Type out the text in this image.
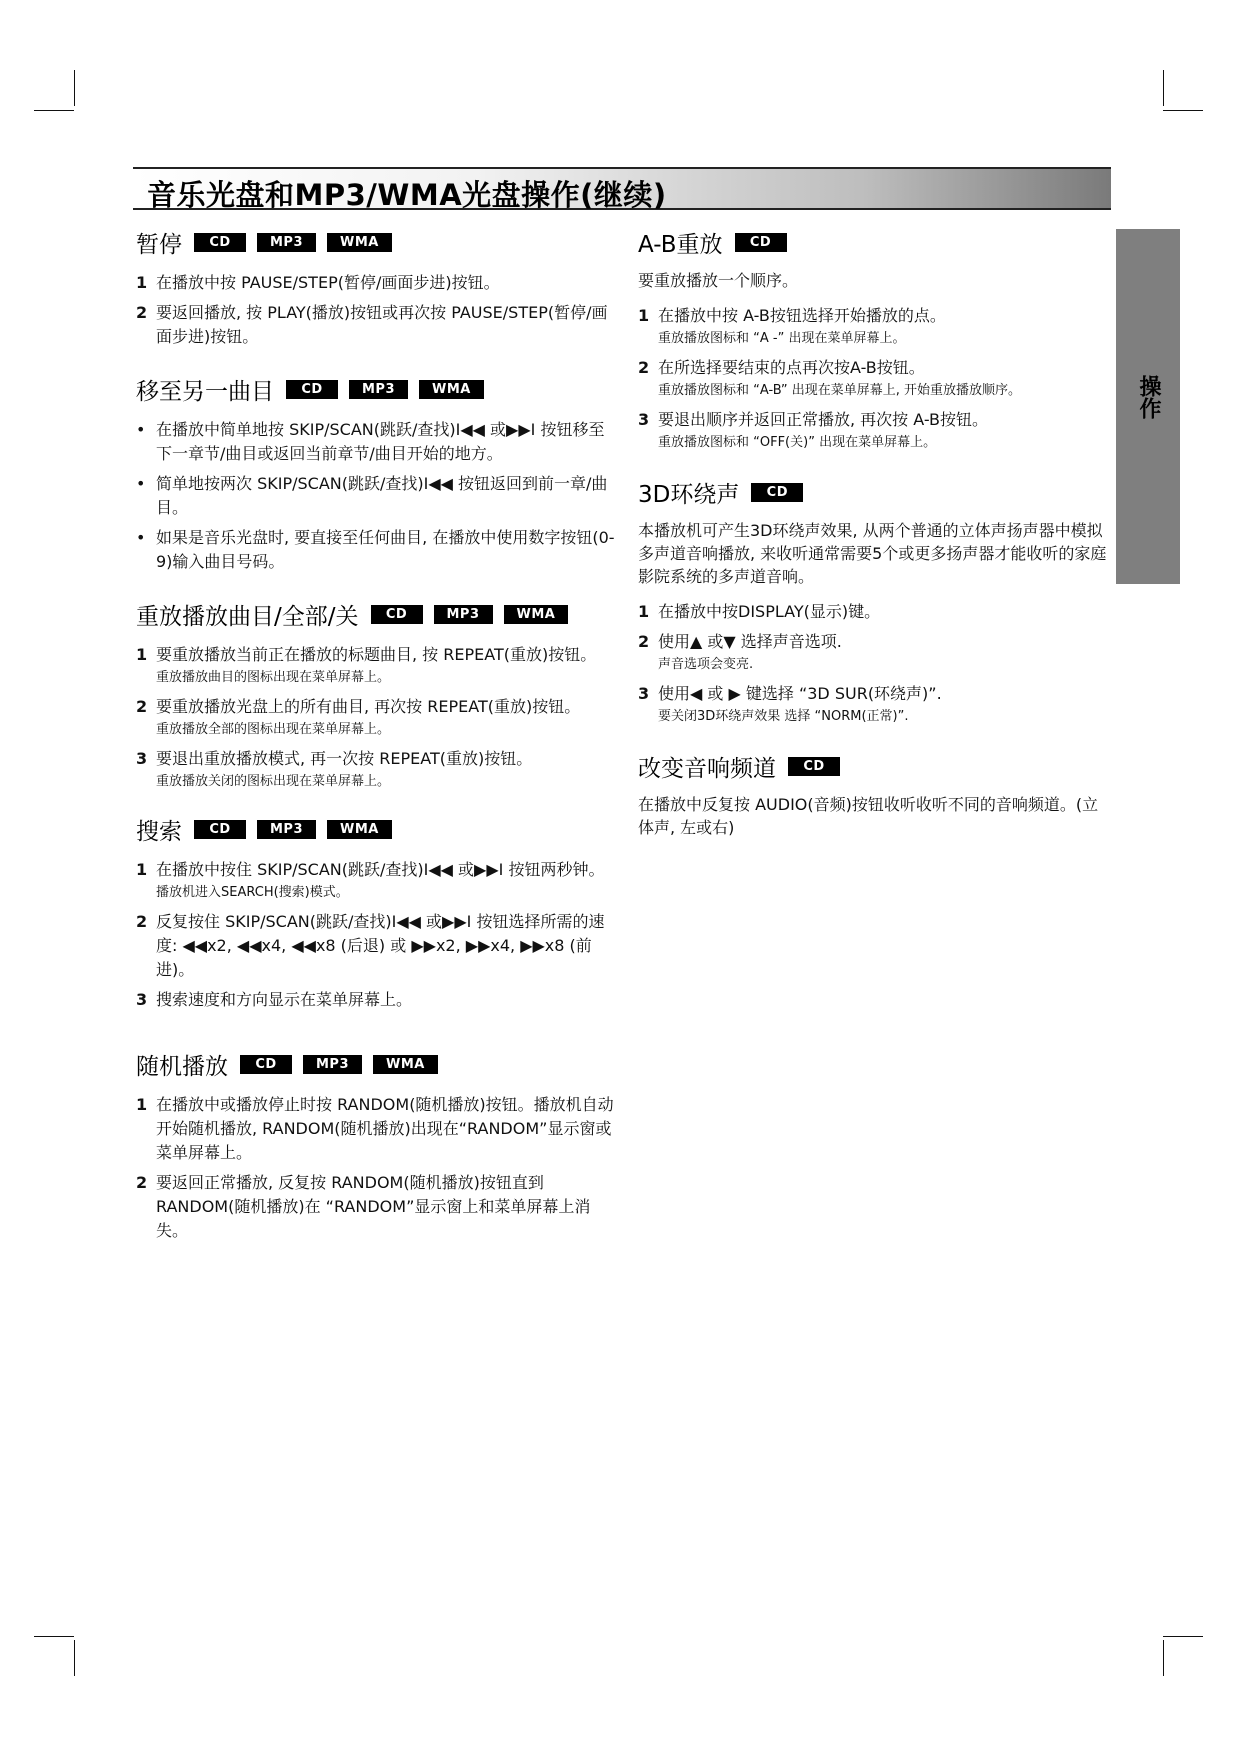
音乐光盘和MP3/WMA光盘操作(继续)
操作
暂停	CD	MP3	WMA
1 在播放中按 PAUSE/STEP(暂停/画面步进)按钮。
2 要返回播放, 按 PLAY(播放)按钮或再次按 PAUSE/STEP(暂停/画面步进)按钮。
移至另一曲目	CD	MP3	WMA
• 在播放中简单地按 SKIP/SCAN(跳跃/查找)I◀◀ 或▶▶I 按钮移至下一章节/曲目或返回当前章节/曲目开始的地方。
• 简单地按两次 SKIP/SCAN(跳跃/查找)I◀◀ 按钮返回到前一章/曲目。
• 如果是音乐光盘时, 要直接至任何曲目, 在播放中使用数字按钮(0-9)输入曲目号码。
重放播放曲目/全部/关	CD	MP3	WMA
1 要重放播放当前正在播放的标题曲目, 按 REPEAT(重放)按钮。
重放播放曲目的图标出现在菜单屏幕上。
2 要重放播放光盘上的所有曲目, 再次按 REPEAT(重放)按钮。
重放播放全部的图标出现在菜单屏幕上。
3 要退出重放播放模式, 再一次按 REPEAT(重放)按钮。
重放播放关闭的图标出现在菜单屏幕上。
搜索	CD	MP3	WMA
1 在播放中按住 SKIP/SCAN(跳跃/查找)I◀◀ 或▶▶I 按钮两秒钟。
播放机进入SEARCH(搜索)模式。
2 反复按住 SKIP/SCAN(跳跃/查找)I◀◀ 或▶▶I 按钮选择所需的速度: ◀◀x2, ◀◀x4, ◀◀x8 (后退) 或 ▶▶x2, ▶▶x4, ▶▶x8 (前进)。
3 搜索速度和方向显示在菜单屏幕上。
随机播放	CD	MP3	WMA
1 在播放中或播放停止时按 RANDOM(随机播放)按钮。播放机自动开始随机播放, RANDOM(随机播放)出现在“RANDOM”显示窗或菜单屏幕上。
2 要返回正常播放, 反复按 RANDOM(随机播放)按钮直到 RANDOM(随机播放)在 “RANDOM”显示窗上和菜单屏幕上消失。
A-B重放	CD
要重放播放一个顺序。
1 在播放中按 A-B按钮选择开始播放的点。
重放播放图标和 “A -” 出现在菜单屏幕上。
2 在所选择要结束的点再次按A-B按钮。
重放播放图标和 “A-B” 出现在菜单屏幕上, 开始重放播放顺序。
3 要退出顺序并返回正常播放, 再次按 A-B按钮。
重放播放图标和 “OFF(关)” 出现在菜单屏幕上。
3D环绕声	CD
本播放机可产生3D环绕声效果, 从两个普通的立体声扬声器中模拟多声道音响播放, 来收听通常需要5个或更多扬声器才能收听的家庭影院系统的多声道音响。
1 在播放中按DISPLAY(显示)键。
2 使用▲ 或▼ 选择声音选项.
声音选项会变亮.
3 使用◀ 或 ▶ 键选择 “3D SUR(环绕声)”.
要关闭3D环绕声效果 选择 “NORM(正常)”.
改变音响频道	CD
在播放中反复按 AUDIO(音频)按钮收听收听不同的音响频道。(立体声, 左或右)
